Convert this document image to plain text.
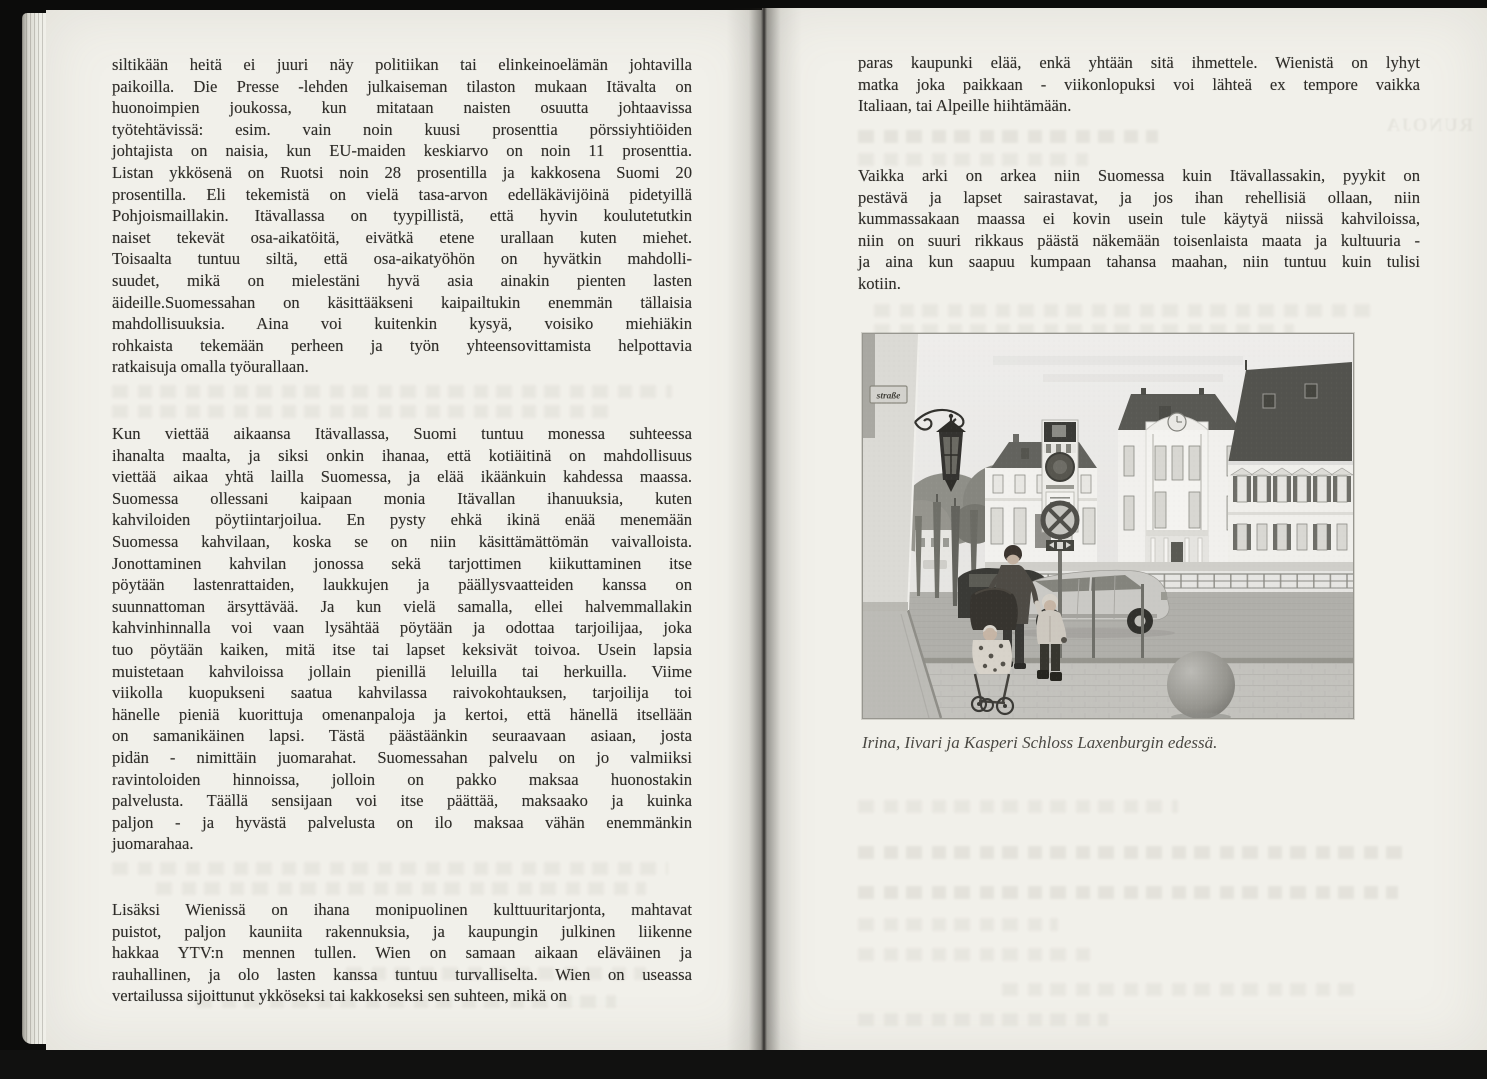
siltikään heitä ei juuri näy politiikan tai elinkeinoelämän johtavilla
paikoilla. Die Presse -lehden julkaiseman tilaston mukaan Itävalta on
huonoimpien joukossa, kun mitataan naisten osuutta johtaavissa
työtehtävissä: esim. vain noin kuusi prosenttia pörssiyhtiöiden
johtajista on naisia, kun EU-maiden keskiarvo on noin 11 prosenttia.
Listan ykkösenä on Ruotsi noin 28 prosentilla ja kakkosena Suomi 20
prosentilla. Eli tekemistä on vielä tasa-arvon edelläkävijöinä pidetyillä
Pohjoismaillakin. Itävallassa on tyypillistä, että hyvin koulutetutkin
naiset tekevät osa-aikatöitä, eivätkä etene urallaan kuten miehet.
Toisaalta tuntuu siltä, että osa-aikatyöhön on hyvätkin mahdolli-
suudet, mikä on mielestäni hyvä asia ainakin pienten lasten
äideille.Suomessahan on käsittääkseni kaipailtukin enemmän tällaisia
mahdollisuuksia. Aina voi kuitenkin kysyä, voisiko miehiäkin
rohkaista tekemään perheen ja työn yhteensovittamista helpottavia
ratkaisuja omalla työurallaan.
Kun viettää aikaansa Itävallassa, Suomi tuntuu monessa suhteessa
ihanalta maalta, ja siksi onkin ihanaa, että kotiäitinä on mahdollisuus
viettää aikaa yhtä lailla Suomessa, ja elää ikäänkuin kahdessa maassa.
Suomessa ollessani kaipaan monia Itävallan ihanuuksia, kuten
kahviloiden pöytiintarjoilua. En pysty ehkä ikinä enää menemään
Suomessa kahvilaan, koska se on niin käsittämättömän vaivalloista.
Jonottaminen kahvilan jonossa sekä tarjottimen kiikuttaminen itse
pöytään lastenrattaiden, laukkujen ja päällysvaatteiden kanssa on
suunnattoman ärsyttävää. Ja kun vielä samalla, ellei halvemmallakin
kahvinhinnalla voi vaan lysähtää pöytään ja odottaa tarjoilijaa, joka
tuo pöytään kaiken, mitä itse tai lapset keksivät toivoa. Usein lapsia
muistetaan kahviloissa jollain pienillä leluilla tai herkuilla. Viime
viikolla kuopukseni saatua kahvilassa raivokohtauksen, tarjoilija toi
hänelle pieniä kuorittuja omenanpaloja ja kertoi, että hänellä itsellään
on samanikäinen lapsi. Tästä päästäänkin seuraavaan asiaan, josta
pidän - nimittäin juomarahat. Suomessahan palvelu on jo valmiiksi
ravintoloiden hinnoissa, jolloin on pakko maksaa huonostakin
palvelusta. Täällä sensijaan voi itse päättää, maksaako ja kuinka
paljon - ja hyvästä palvelusta on ilo maksaa vähän enemmänkin
juomarahaa.
Lisäksi Wienissä on ihana monipuolinen kulttuuritarjonta, mahtavat
puistot, paljon kauniita rakennuksia, ja kaupungin julkinen liikenne
hakkaa YTV:n mennen tullen. Wien on samaan aikaan eläväinen ja
rauhallinen, ja olo lasten kanssa tuntuu turvalliselta. Wien on useassa
vertailussa sijoittunut ykköseksi tai kakkoseksi sen suhteen, mikä on
paras kaupunki elää, enkä yhtään sitä ihmettele. Wienistä on lyhyt
matka joka paikkaan - viikonlopuksi voi lähteä ex tempore vaikka
Italiaan, tai Alpeille hiihtämään.
RUNOJA
Vaikka arki on arkea niin Suomessa kuin Itävallassakin, pyykit on
pestävä ja lapset sairastavat, ja jos ihan rehellisiä ollaan, niin
kummassakaan maassa ei kovin usein tule käytyä niissä kahviloissa,
niin on suuri rikkaus päästä näkemään toisenlaista maata ja kultuuria -
ja aina kun saapuu kumpaan tahansa maahan, niin tuntuu kuin tulisi
kotiin.
Irina, Iivari ja Kasperi Schloss Laxenburgin edessä.
